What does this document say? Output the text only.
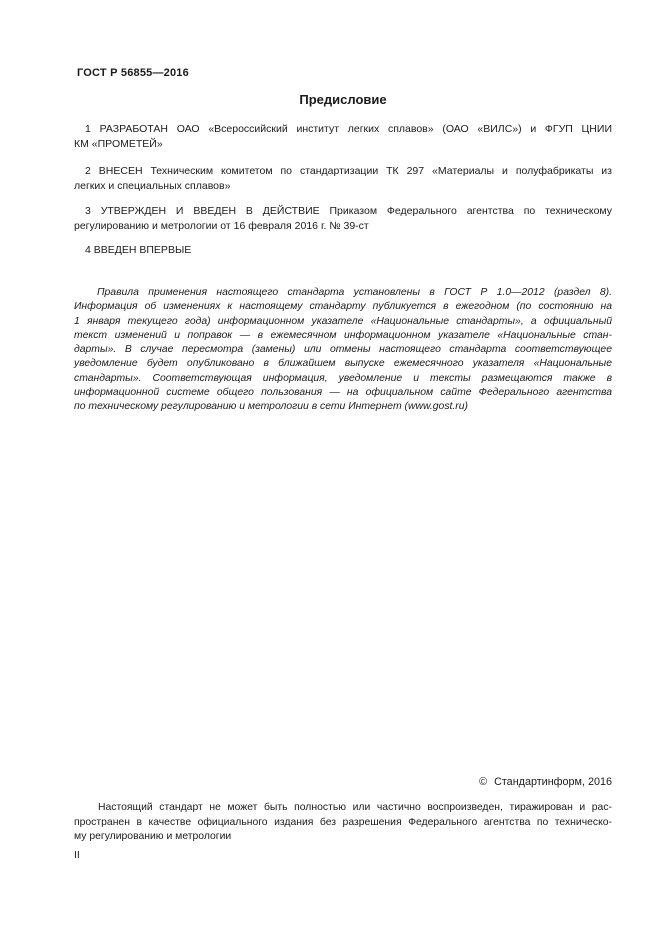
ГОСТ Р 56855—2016
Предисловие
1 РАЗРАБОТАН ОАО «Всероссийский институт легких сплавов» (ОАО «ВИЛС») и ФГУП ЦНИИ
КМ «ПРОМЕТЕЙ»
2 ВНЕСЕН Техническим комитетом по стандартизации ТК 297 «Материалы и полуфабрикаты из
легких и специальных сплавов»
3 УТВЕРЖДЕН И ВВЕДЕН В ДЕЙСТВИЕ Приказом Федерального агентства по техническому
регулированию и метрологии от 16 февраля 2016 г. № 39-ст
4 ВВЕДЕН ВПЕРВЫЕ
Правила применения настоящего стандарта установлены в ГОСТ Р 1.0—2012 (раздел 8).
Информация об изменениях к настоящему стандарту публикуется в ежегодном (по состоянию на
1 января текущего года) информационном указателе «Национальные стандарты», а официальный
текст изменений и поправок — в ежемесячном информационном указателе «Национальные стан-
дарты». В случае пересмотра (замены) или отмены настоящего стандарта соответствующее
уведомление будет опубликовано в ближайшем выпуске ежемесячного указателя «Национальные
стандарты». Соответствующая информация, уведомление и тексты размещаются также в
информационной системе общего пользования — на официальном сайте Федерального агентства
по техническому регулированию и метрологии в сети Интернет (www.gost.ru)
© Стандартинформ, 2016
Настоящий стандарт не может быть полностью или частично воспроизведен, тиражирован и рас-
пространен в качестве официального издания без разрешения Федерального агентства по техническо-
му регулированию и метрологии
II
